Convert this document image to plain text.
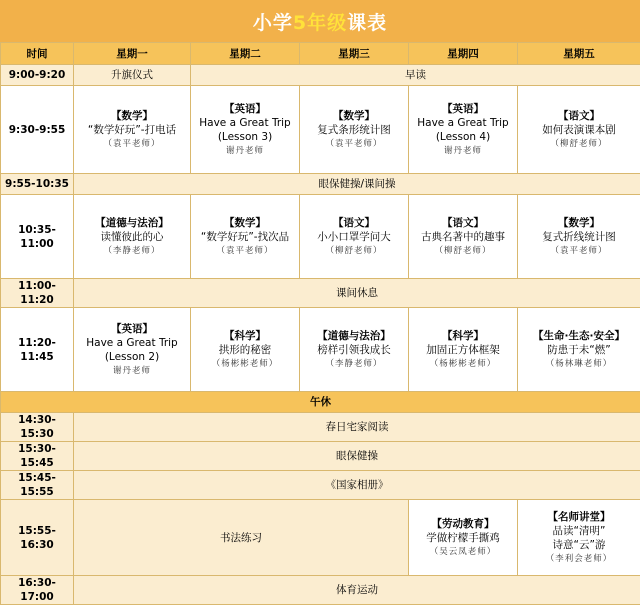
小学5年级课表
时间	星期一	星期二	星期三	星期四	星期五
9:00-9:20	升旗仪式	早读			
9:30-9:55	【数学】
“数学好玩”-打电话
（袁平老师）	【英语】
Have a Great Trip
(Lesson 3)
谢丹老师	【数学】
复式条形统计图
（袁平老师）	【英语】
Have a Great Trip
(Lesson 4)
谢丹老师	【语文】
如何表演课本剧
（柳舒老师）

9:55-10:35	眼保健操/课间操				
10:35-11:00	【道德与法治】
读懂彼此的心
（李静老师）	【数学】
“数学好玩”-找次品
（袁平老师）	【语文】
小小口罩学问大
（柳舒老师）	【语文】
古典名著中的趣事
（柳舒老师）	【数学】
复式折线统计图
（袁平老师）

11:00-11:20	课间休息				
11:20-11:45	【英语】
Have a Great Trip
(Lesson 2)
谢丹老师	【科学】
拱形的秘密
（杨彬彬老师）	【道德与法治】
榜样引领我成长
（李静老师）	【科学】
加固正方体框架
（杨彬彬老师）	【生命·生态·安全】
防患于未“燃”
（杨林琳老师）

午休					
14:30-15:30	春日宅家阅读				
15:30-15:45	眼保健操				
15:45-15:55	《国家相册》				
15:55-16:30	书法练习			【劳动教育】
学做柠檬手撕鸡
（吴云凤老师）	【名师讲堂】
品读“清明”
诗意“云”游
（李利会老师）

16:30-17:00	体育运动				
